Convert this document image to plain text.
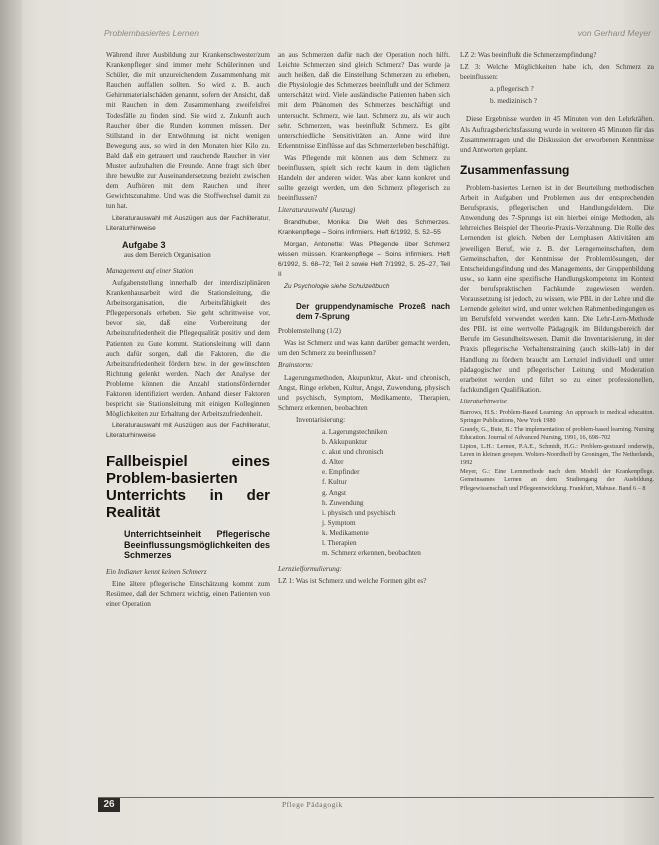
Problembasiertes Lernen	von Gerhard Meyer

Während ihrer Ausbildung zur Krankenschwester/zum Krankenpfleger sind immer mehr Schülerinnen und Schüler, die mit unzureichendem Zusammenhang mit Rauchen auffallen sollten. So wird z. B. auch Gehirnmaterialschäden genannt, sofern der Ansicht, daß mit Rauchen in dem Zusammenhang zweifelsfrei Todesfälle zu finden sind. Sie wird z. Zukunft auch Raucher über die Runden kommen müssen. Der Stillstand in der Entwöhnung ist nicht wenigen Bewegung aus, so wird in den Monaten hier Kilo zu. Bald daß ein getrauert und rauchende Raucher in vier Muster aufzuhalten die Freunde. Anne fragt sich über ihre bewußte zur Auseinandersetzung bezieht zwischen dem Aufhören mit dem Rauchen und ihrer Gewichtszunahme. Und was die Stoffwechsel damit zu tun hat.

Literaturauswahl mit Auszügen aus der Fachliteratur, Literaturhinweise

Aufgabe 3
aus dem Bereich Organisation

Management auf einer Station

Aufgabenstellung innerhalb der interdisziplinären Krankenhausarbeit wird die Stationsleitung, die Arbeitsorganisation, die Arbeitsfähigkeit des Pflegepersonals erheben. Sie geht schrittweise vor, bevor sie, daß eine Vorbereitung der Arbeitszufriedenheit die Pflegequalität positiv und dem Patienten zu Gute kommt. Stationsleitung will dann auch dafür sorgen, daß die Faktoren, die die Arbeitszufriedenheit fördern bzw. in der gewünschten Richtung gelenkt werden. Nach der Analyse der Probleme können die Anzahl stationsfördernder Faktoren identifiziert werden. Anhand dieser Faktoren bespricht sie Stationsleitung mit einigen Kolleginnen Möglichkeiten zur Erhaltung der Arbeitszufriedenheit.

Literaturauswahl mit Auszügen aus der Fachliteratur, Literaturhinweise

Fallbeispiel eines Problem-basierten Unterrichts in der Realität
Unterrichtseinheit Pflegerische Beeinflussungsmöglichkeiten des Schmerzes

Ein Indianer kennt keinen Schmerz

Eine ältere pflegerische Einschätzung kommt zum Resümee, daß der Schmerz wichtig, einen Patienten von einer Operation

an aus Schmerzen dafür nach der Operation noch hilft. Leichte Schmerzen sind gleich Schmerz? Das wurde ja auch heißen, daß die Einstellung Schmerzen zu erheben, die Physiologie des Schmerzes beeinflußt und der Schmerz unterschätzt wird. Viele ausländische Patienten haben sich mit dem Phänomen des Schmerzes beschäftigt und untersucht. Schmerz, wie laut. Schmerz zu, als wir auch sehr. Schmerzen, was beeinflußt Schmerz. Es gibt unterschiedliche Sensitivitäten an. Anne wird ihre Erkenntnisse Einflüsse auf das Schmerzerleben beschäftigt.

Was Pflegende mit können aus dem Schmerz zu beeinflussen, spielt sich recht kaum in dem täglichen Handeln der anderen wider. Was aber kann konkret und sollte gezeigt werden, um den Schmerz pflegerisch zu beeinflussen?

Literaturauswahl (Auszug)

Brandhuber, Monika: Die Welt des Schmerzes. Krankenpflege – Soins infirmiers. Heft 6/1992, S. 52–55

Morgan, Antonette: Was Pflegende über Schmerz wissen müssen. Krankenpflege – Soins infirmiers. Heft 6/1992, S. 68–72; Teil 2 sowie Heft 7/1992, S. 25–27, Teil II

Zu Psychologie siehe Schulzeitbuch

Der gruppendynamische Prozeß nach dem 7-Sprung

Problemstellung (1/2)

Was ist Schmerz und was kann darüber gemacht werden, um den Schmerz zu beeinflussen?

Brainstorm:

Lagerungsmethoden, Akupunktur, Akut- und chronisch, Angst, Ringe erleben, Kultur, Angst, Zuwendung, physisch und psychisch, Symptom, Medikamente, Therapien, Schmerz erkennen, beobachten

Inventarisierung:

a. Lagerungstechniken
b. Akkupunktur
c. akut und chronisch
d. Alter
e. Empfinder
f. Kultur
g. Angst
h. Zuwendung
i. physisch und psychisch
j. Symptom
k. Medikamente
l. Therapien
m. Schmerz erkennen, beobachten

Lernzielformulierung:

LZ 1: Was ist Schmerz und welche Formen gibt es?

LZ 2: Was beeinflußt die Schmerzempfindung?

LZ 3: Welche Möglichkeiten habe ich, den Schmerz zu beeinflussen:

a. pflegerisch ?

b. medizinisch ?

Diese Ergebnisse wurden in 45 Minuten von den Lehrkräften. Als Auftragsberichtsfassung wurde in weiteren 45 Minuten für das Zusammentragen und die Diskussion der erworbenen Kenntnisse und Antworten geplant.

Zusammenfassung

Problem-basiertes Lernen ist in der Beurteilung methodischen Arbeit in Aufgaben und Problemen aus der entsprechenden Berufspraxis, pflegerischen und Handlungsfeldern. Die Anwendung des 7-Sprungs ist ein hierbei einige Methoden, als lehrreiches Beispiel der Theorie-Praxis-Verzahnung. Die Rolle des Lernenden ist gleich. Neben der Lernphasen Aktivitäten am jeweiligen Beruf, wie z. B. der Lerngemeinschaften, dem Gemeinschaften, der Kenntnisse der Problemlösungen, der Entscheidungsfindung und des Managements, der Gruppenbildung usw., so kann eine spezifische Handlungskompetenz im Kontext der berufspraktischen Fachkunde zugewiesen werden. Voraussetzung ist jedoch, zu wissen, wie PBL in der Lehre und die Lernende geleitet wird, und unter welchen Rahmenbedingungen es im Berufsfeld verwendet werden kann. Die Lehr-Lern-Methode des PBL ist eine wertvolle Pädagogik im Bildungsbereich der Berufe im Gesundheitswesen. Damit die Inventarisierung, in der Praxis pflegerische Verhaltenstraining (auch skills-lab) in der Handlung zu fördern braucht am Lernziel individuell und unter pädagogischer und pflegerischer Leitung und Moderation erarbeitet werden und führt so zu einer professionellen, fachkundigen Qualifikation.

Literaturhinweise

Barrows, H.S.: Problem-Based Learning: An approach to medical education. Springer Publications, New York 1980

Grandy, G., Bute, B.: The implementation of problem-based learning. Nursing Education. Journal of Advanced Nursing, 1991, 16, 698–702

Lipton, L.H.: Lernen, P.A.E., Schmidt, H.G.: Problem-gestuurd onderwijs, Leren in kleinen groepen. Wolters-Noordhoff by Groningen, The Netherlands, 1992

Meyer, G.: Eine Lernmethode nach dem Modell der Krankenpflege. Gemeinsames Lernen an dem Studiengang der Ausbildung. Pflegewissenschaft und Pflegeentwicklung. Frankfurt, Mabuse. Band 6 – 8

26	Pflege Pädagogik
